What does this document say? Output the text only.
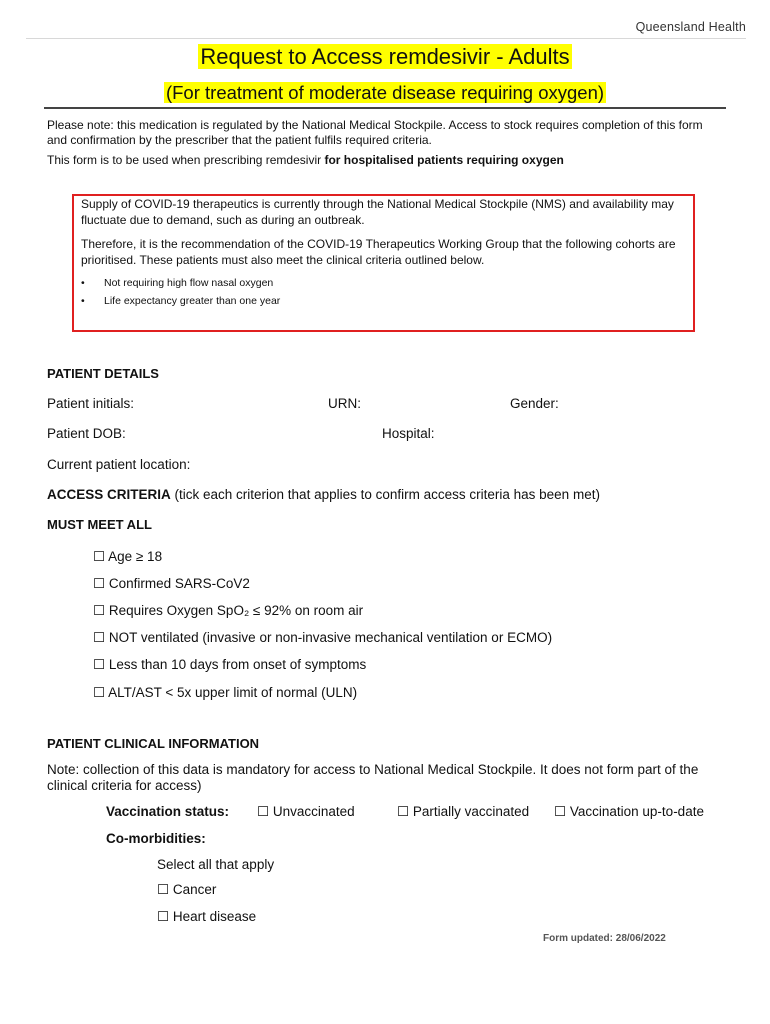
Queensland Health
Request to Access remdesivir - Adults
(For treatment of moderate disease requiring oxygen)
Please note: this medication is regulated by the National Medical Stockpile. Access to stock requires completion of this form and confirmation by the prescriber that the patient fulfils required criteria.
This form is to be used when prescribing remdesivir for hospitalised patients requiring oxygen
Supply of COVID-19 therapeutics is currently through the National Medical Stockpile (NMS) and availability may fluctuate due to demand, such as during an outbreak.
Therefore, it is the recommendation of the COVID-19 Therapeutics Working Group that the following cohorts are prioritised. These patients must also meet the clinical criteria outlined below.
• Not requiring high flow nasal oxygen
• Life expectancy greater than one year
PATIENT DETAILS
Patient initials:	URN:	Gender:
Patient DOB:	Hospital:
Current patient location:
ACCESS CRITERIA (tick each criterion that applies to confirm access criteria has been met)
MUST MEET ALL
☐ Age ≥ 18
☐ Confirmed SARS-CoV2
☐ Requires Oxygen SpO₂ ≤ 92% on room air
☐ NOT ventilated (invasive or non-invasive mechanical ventilation or ECMO)
☐ Less than 10 days from onset of symptoms
☐ ALT/AST < 5x upper limit of normal (ULN)
PATIENT CLINICAL INFORMATION
Note: collection of this data is mandatory for access to National Medical Stockpile. It does not form part of the clinical criteria for access)
Vaccination status: ☐ Unvaccinated	☐ Partially vaccinated ☐ Vaccination up-to-date
Co-morbidities:
Select all that apply
☐ Cancer
☐ Heart disease
Form updated: 28/06/2022
